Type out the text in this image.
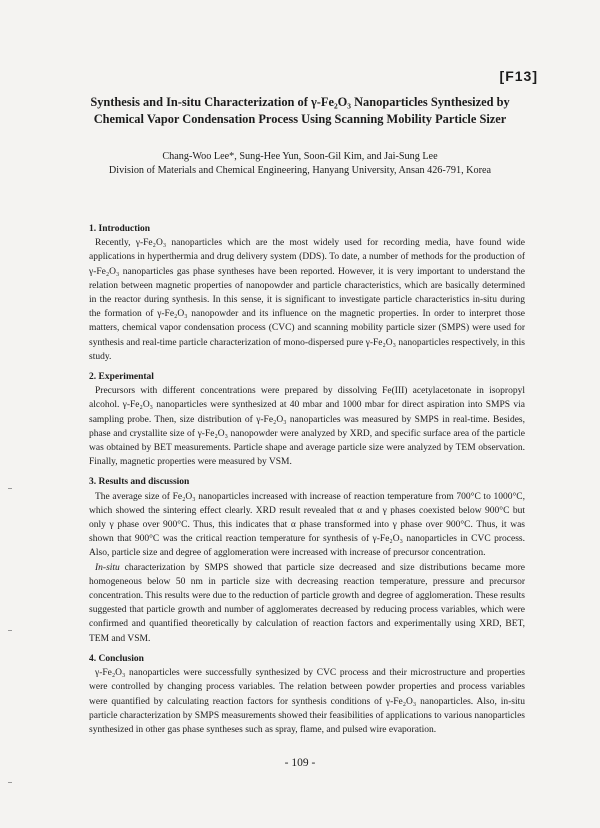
[F13]
Synthesis and In-situ Characterization of γ-Fe₂O₃ Nanoparticles Synthesized by
Chemical Vapor Condensation Process Using Scanning Mobility Particle Sizer
Chang-Woo Lee*, Sung-Hee Yun, Soon-Gil Kim, and Jai-Sung Lee
Division of Materials and Chemical Engineering, Hanyang University, Ansan 426-791, Korea

1. Introduction

Recently, γ-Fe₂O₃ nanoparticles which are the most widely used for recording media, have found wide applications in hyperthermia and drug delivery system (DDS). To date, a number of methods for the production of γ-Fe₂O₃ nanoparticles gas phase syntheses have been reported. However, it is very important to understand the relation between magnetic properties of nanopowder and particle characteristics, which are basically determined in the reactor during synthesis. In this sense, it is significant to investigate particle characteristics in-situ during the formation of γ-Fe₂O₃ nanopowder and its influence on the magnetic properties. In order to interpret those matters, chemical vapor condensation process (CVC) and scanning mobility particle sizer (SMPS) were used for synthesis and real-time particle characterization of mono-dispersed pure γ-Fe₂O₃ nanoparticles respectively, in this study.

2. Experimental

Precursors with different concentrations were prepared by dissolving Fe(III) acetylacetonate in isopropyl alcohol. γ-Fe₂O₃ nanoparticles were synthesized at 40 mbar and 1000 mbar for direct aspiration into SMPS via sampling probe. Then, size distribution of γ-Fe₂O₃ nanoparticles was measured by SMPS in real-time. Besides, phase and crystallite size of γ-Fe₂O₃ nanopowder were analyzed by XRD, and specific surface area of the particle was obtained by BET measurements. Particle shape and average particle size were analyzed by TEM observation. Finally, magnetic properties were measured by VSM.

3. Results and discussion

The average size of Fe₂O₃ nanoparticles increased with increase of reaction temperature from 700°C to 1000°C, which showed the sintering effect clearly. XRD result revealed that α and γ phases coexisted below 900°C but only γ phase over 900°C. Thus, this indicates that α phase transformed into γ phase over 900°C. Thus, it was shown that 900°C was the critical reaction temperature for synthesis of γ-Fe₂O₃ nanoparticles in CVC process. Also, particle size and degree of agglomeration were increased with increase of precursor concentration.

In-situ characterization by SMPS showed that particle size decreased and size distributions became more homogeneous below 50 nm in particle size with decreasing reaction temperature, pressure and precursor concentration. This results were due to the reduction of particle growth and degree of agglomeration. These results suggested that particle growth and number of agglomerates decreased by reducing process variables, which were confirmed and quantified theoretically by calculation of reaction factors and experimentally using XRD, BET, TEM and VSM.

4. Conclusion

γ-Fe₂O₃ nanoparticles were successfully synthesized by CVC process and their microstructure and properties were controlled by changing process variables. The relation between powder properties and process variables were quantified by calculating reaction factors for synthesis conditions of γ-Fe₂O₃ nanoparticles. Also, in-situ particle characterization by SMPS measurements showed their feasibilities of applications to various nanoparticles synthesized in other gas phase syntheses such as spray, flame, and pulsed wire evaporation.

- 109 -
